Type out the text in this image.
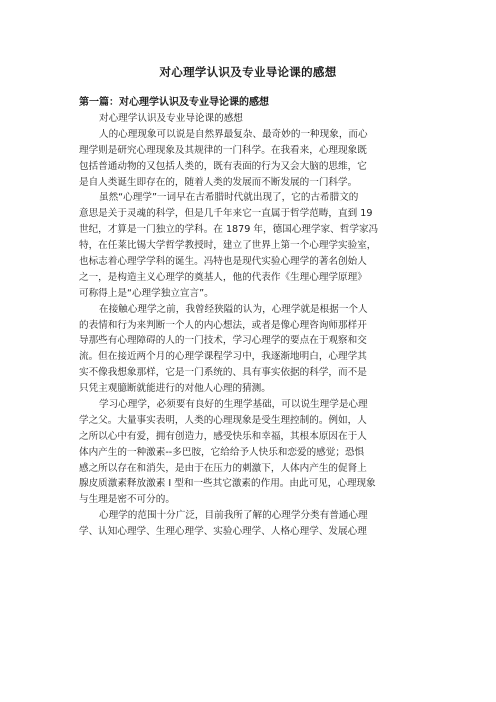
对心理学认识及专业导论课的感想
第一篇：对心理学认识及专业导论课的感想
对心理学认识及专业导论课的感想
人的心理现象可以说是自然界最复杂、最奇妙的一种现象，而心
理学则是研究心理现象及其规律的一门科学。在我看来，心理现象既
包括普通动物的又包括人类的，既有表面的行为又会大脑的思维，它
是自人类诞生即存在的，随着人类的发展而不断发展的一门科学。
虽然“心理学”一词早在古希腊时代就出现了，它的古希腊文的
意思是关于灵魂的科学，但是几千年来它一直属于哲学范畴，直到 19
世纪，才算是一门独立的学科。在 1879 年，德国心理学家、哲学家冯
特，在任莱比锡大学哲学教授时，建立了世界上第一个心理学实验室，
也标志着心理学学科的诞生。冯特也是现代实验心理学的著名创始人
之一，是构造主义心理学的奠基人，他的代表作《生理心理学原理》
可称得上是“心理学独立宣言”。
在接触心理学之前，我曾经狭隘的认为，心理学就是根据一个人
的表情和行为来判断一个人的内心想法，或者是像心理咨询师那样开
导那些有心理障碍的人的一门技术，学习心理学的要点在于观察和交
流。但在接近两个月的心理学课程学习中，我逐渐地明白，心理学其
实不像我想象那样，它是一门系统的、具有事实依据的科学，而不是
只凭主观臆断就能进行的对他人心理的猜测。
学习心理学，必须要有良好的生理学基础，可以说生理学是心理
学之父。大量事实表明，人类的心理现象是受生理控制的。例如，人
之所以心中有爱，拥有创造力，感受快乐和幸福，其根本原因在于人
体内产生的一种激素--多巴胺，它给给予人快乐和恋爱的感觉；恐惧
感之所以存在和消失，是由于在压力的刺激下，人体内产生的促肾上
腺皮质激素释放激素 I 型和一些其它激素的作用。由此可见，心理现象
与生理是密不可分的。
心理学的范围十分广泛，目前我所了解的心理学分类有普通心理
学、认知心理学、生理心理学、实验心理学、人格心理学、发展心理
